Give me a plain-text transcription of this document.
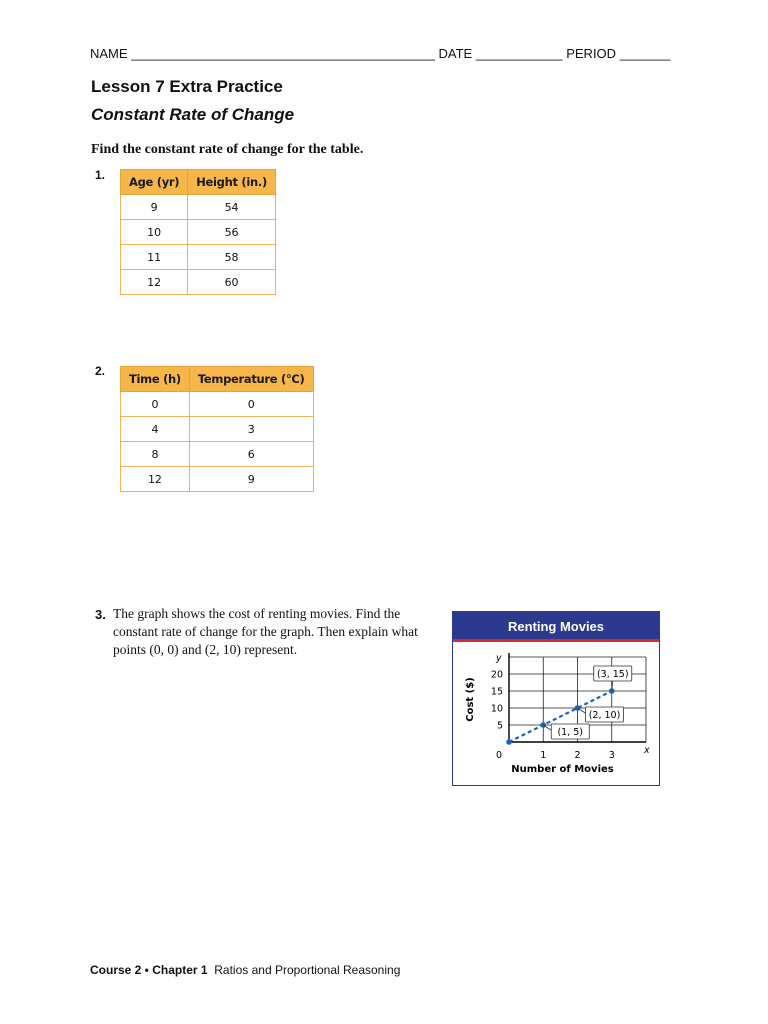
NAME __________________________________________ DATE ____________ PERIOD _______
Lesson 7 Extra Practice
Constant Rate of Change
Find the constant rate of change for the table.
1. Age (yr)	Height (in.)
9	54
10	56
11	58
12	60
2.
Time (h)	Temperature (°C)
0	0
4	3
8	6
12	9
3. The graph shows the cost of renting movies. Find the constant rate of change for the graph. Then explain what points (0, 0) and (2, 10) represent.
Renting Movies
1	2	3
5
10
15
20
0	x
y
Number of Movies
Cost ($)
(1, 5)
(2, 10)
(3, 15)
Course 2 • Chapter 1 Ratios and Proportional Reasoning
